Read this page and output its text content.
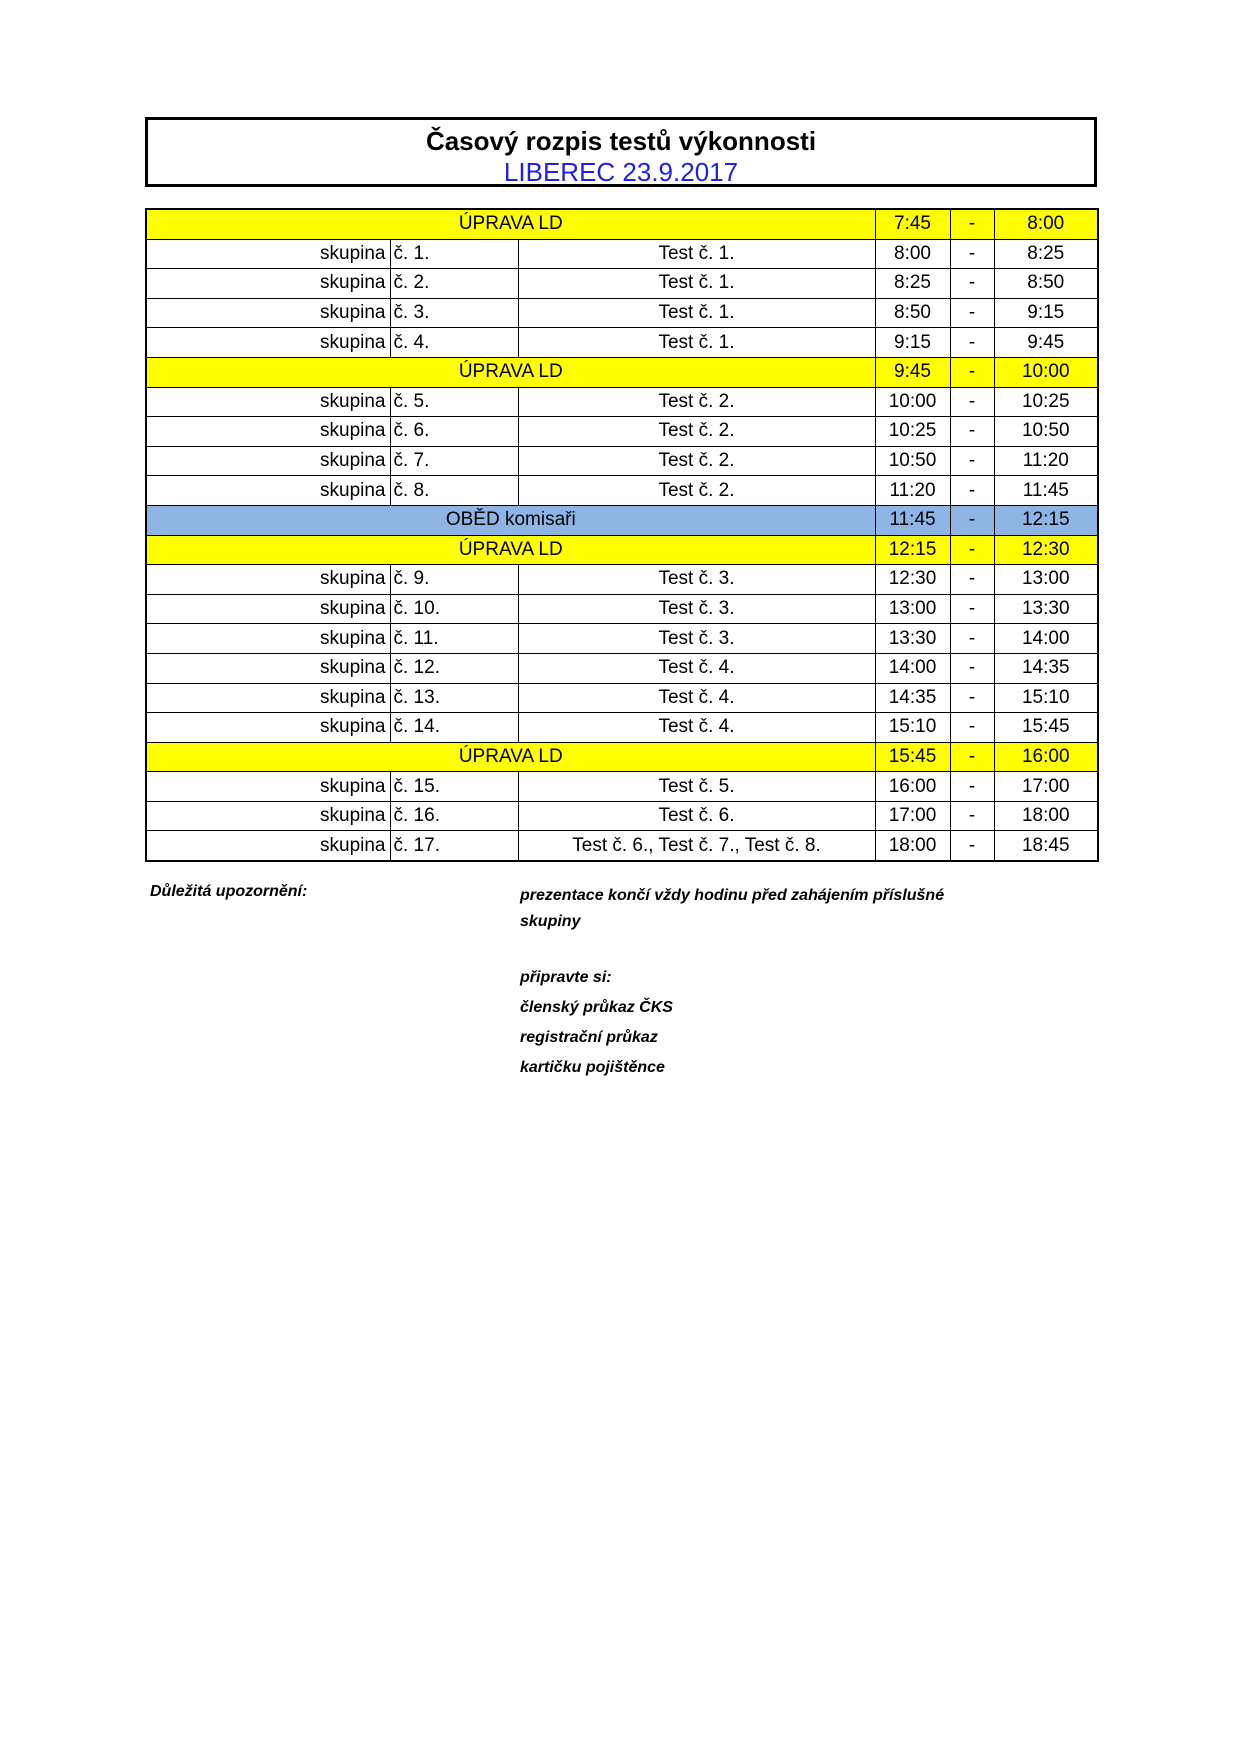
Časový rozpis testů výkonnosti
LIBEREC 23.9.2017
ÚPRAVA LD			7:45	-	8:00
skupina	č. 1.	Test č. 1.	8:00	-	8:25
skupina	č. 2.	Test č. 1.	8:25	-	8:50
skupina	č. 3.	Test č. 1.	8:50	-	9:15
skupina	č. 4.	Test č. 1.	9:15	-	9:45
ÚPRAVA LD			9:45	-	10:00
skupina	č. 5.	Test č. 2.	10:00	-	10:25
skupina	č. 6.	Test č. 2.	10:25	-	10:50
skupina	č. 7.	Test č. 2.	10:50	-	11:20
skupina	č. 8.	Test č. 2.	11:20	-	11:45
OBĚD komisaři			11:45	-	12:15
ÚPRAVA LD			12:15	-	12:30
skupina	č. 9.	Test č. 3.	12:30	-	13:00
skupina	č. 10.	Test č. 3.	13:00	-	13:30
skupina	č. 11.	Test č. 3.	13:30	-	14:00
skupina	č. 12.	Test č. 4.	14:00	-	14:35
skupina	č. 13.	Test č. 4.	14:35	-	15:10
skupina	č. 14.	Test č. 4.	15:10	-	15:45
ÚPRAVA LD			15:45	-	16:00
skupina	č. 15.	Test č. 5.	16:00	-	17:00
skupina	č. 16.	Test č. 6.	17:00	-	18:00
skupina	č. 17.	Test č. 6., Test č. 7., Test č. 8.	18:00	-	18:45
Důležitá upozornění:	prezentace končí vždy hodinu před zahájením příslušné
skupiny
připravte si:
členský průkaz ČKS
registrační průkaz
kartičku pojištěnce
